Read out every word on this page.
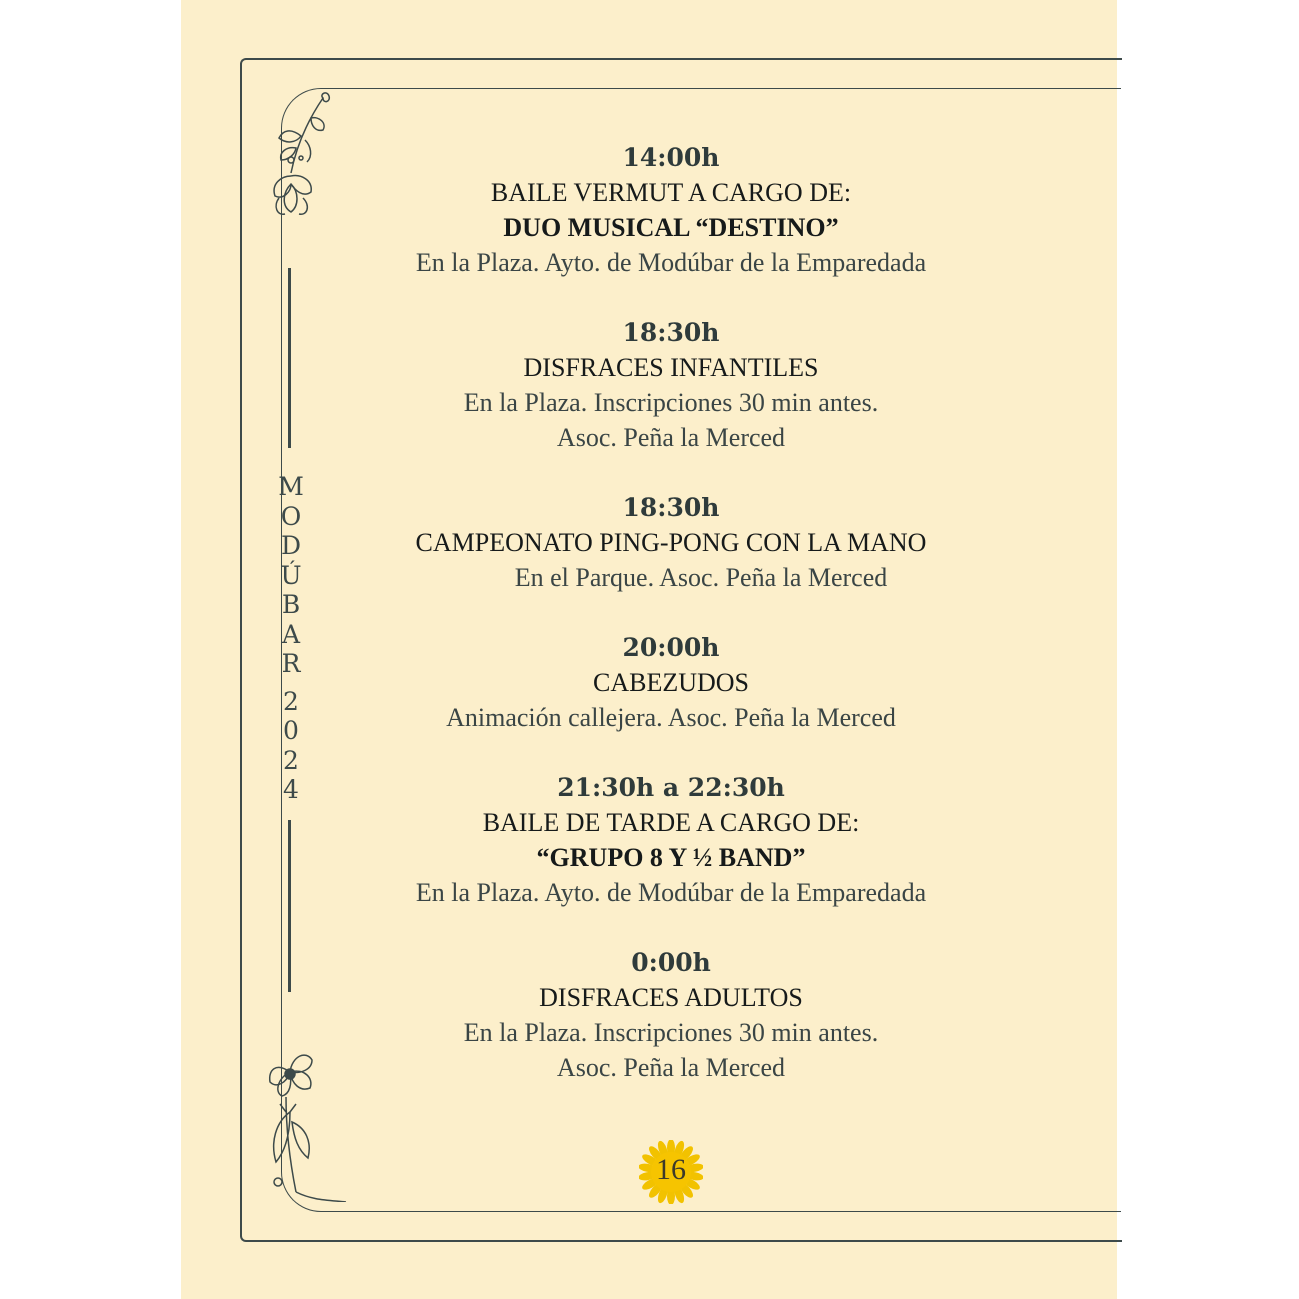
M
O
D
Ú
B
A
R
2
0
2
4
14:00h
BAILE VERMUT A CARGO DE:
DUO MUSICAL “DESTINO”
En la Plaza. Ayto. de Modúbar de la Emparedada
18:30h
DISFRACES INFANTILES
En la Plaza. Inscripciones 30 min antes.
Asoc. Peña la Merced
18:30h
CAMPEONATO PING-PONG CON LA MANO
En el Parque. Asoc. Peña la Merced
20:00h
CABEZUDOS
Animación callejera. Asoc. Peña la Merced
21:30h a 22:30h
BAILE DE TARDE A CARGO DE:
“GRUPO 8 Y ½ BAND”
En la Plaza. Ayto. de Modúbar de la Emparedada
0:00h
DISFRACES ADULTOS
En la Plaza. Inscripciones 30 min antes.
Asoc. Peña la Merced
16
